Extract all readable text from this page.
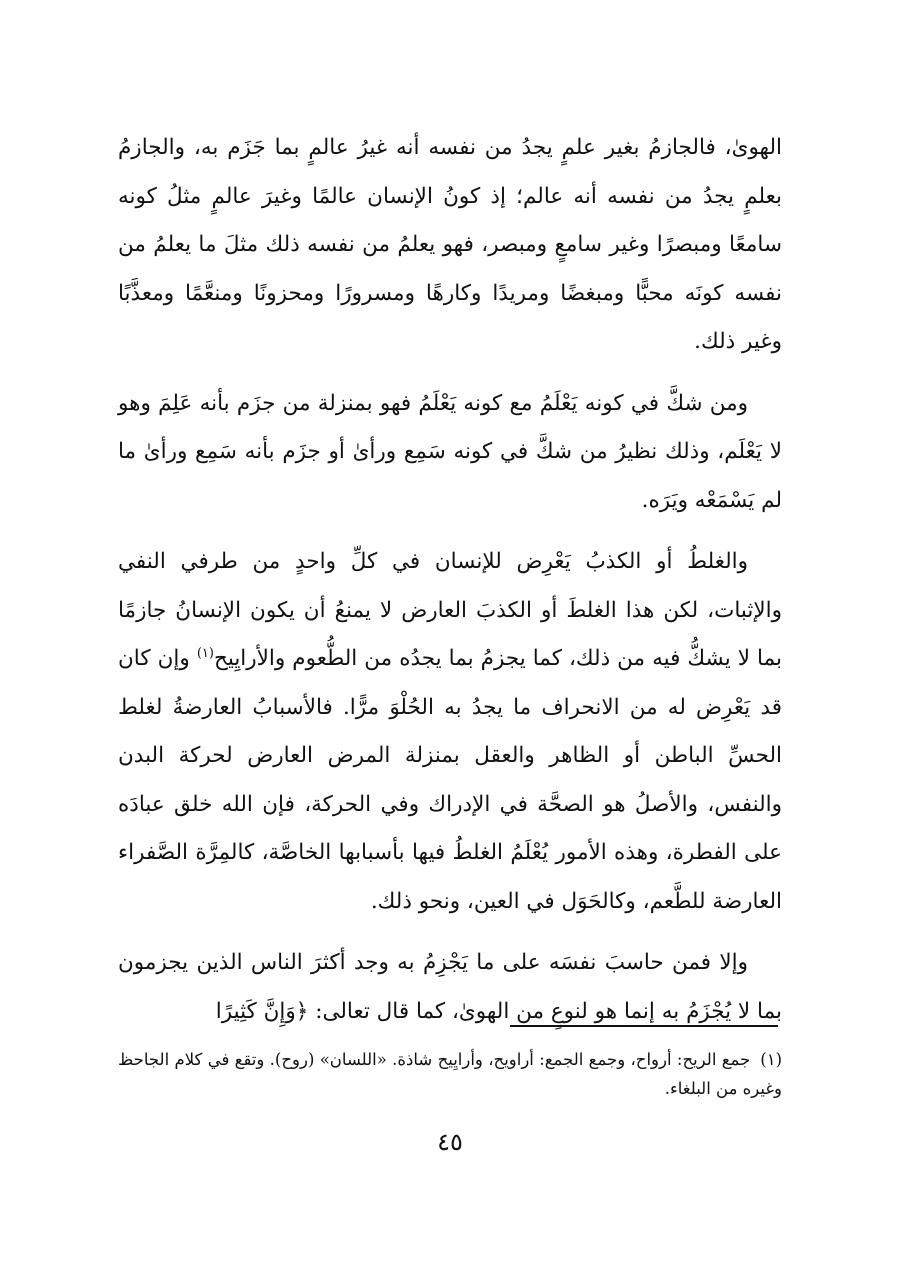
الهوىٰ، فالجازمُ بغير علمٍ يجدُ من نفسه أنه غيرُ عالمٍ بما جَزَم به، والجازمُ بعلمٍ يجدُ من نفسه أنه عالم؛ إذ كونُ الإنسان عالمًا وغيرَ عالمٍ مثلُ كونه سامعًا ومبصرًا وغير سامعٍ ومبصر، فهو يعلمُ من نفسه ذلك مثلَ ما يعلمُ من نفسه كونَه محبًّا ومبغضًا ومريدًا وكارهًا ومسرورًا ومحزونًا ومنعَّمًا ومعذَّبًا وغير ذلك.

ومن شكَّ في كونه يَعْلَمُ مع كونه يَعْلَمُ فهو بمنزلة من جزَم بأنه عَلِمَ وهو لا يَعْلَم، وذلك نظيرُ من شكَّ في كونه سَمِع ورأىٰ أو جزَم بأنه سَمِع ورأىٰ ما لم يَسْمَعْه ويَرَه.

والغلطُ أو الكذبُ يَعْرِض للإنسان في كلِّ واحدٍ من طرفي النفي والإثبات، لكن هذا الغلطَ أو الكذبَ العارض لا يمنعُ أن يكون الإنسانُ جازمًا بما لا يشكُّ فيه من ذلك، كما يجزمُ بما يجدُه من الطُّعوم والأرايِيح$^{(١)}$ وإن كان قد يَعْرِض له من الانحراف ما يجدُ به الحُلْوَ مرًّا. فالأسبابُ العارضةُ لغلط الحسِّ الباطن أو الظاهر والعقل بمنزلة المرض العارض لحركة البدن والنفس، والأصلُ هو الصحَّة في الإدراك وفي الحركة، فإن الله خلق عبادَه على الفطرة، وهذه الأمور يُعْلَمُ الغلطُ فيها بأسبابها الخاصَّة، كالمِرَّة الصَّفراء العارضة للطَّعم، وكالحَوَل في العين، ونحو ذلك.

وإلا فمن حاسبَ نفسَه على ما يَجْزِمُ به وجد أكثرَ الناس الذين يجزمون بما لا يُجْزَمُ به إنما هو لنوعٍ من الهوىٰ، كما قال تعالى: ﴿وَإِنَّ كَثِيرًا

(١)جمع الريح: أرواح، وجمع الجمع: أراويح، وأرايِيح شاذة. «اللسان» (روح). وتقع في كلام الجاحظ وغيره من البلغاء.
٤٥
